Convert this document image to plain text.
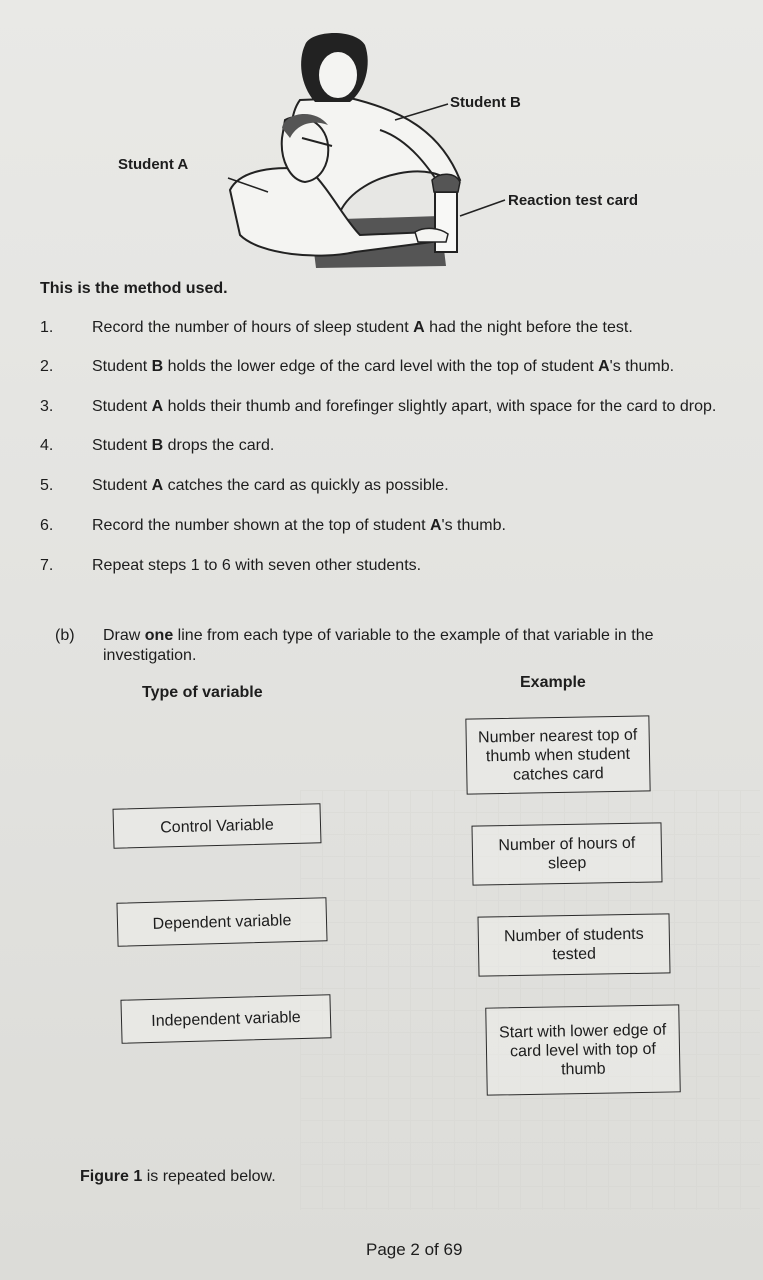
Student A
Student B
Reaction test card
This is the method used.
1.	Record the number of hours of sleep student A had the night before the test.
2.	Student B holds the lower edge of the card level with the top of student A's thumb.
3.	Student A holds their thumb and forefinger slightly apart, with space for the card to drop.
4.	Student B drops the card.
5.	Student A catches the card as quickly as possible.
6.	Record the number shown at the top of student A's thumb.
7.	Repeat steps 1 to 6 with seven other students.
(b)	Draw one line from each type of variable to the example of that variable in the investigation.
Type of variable
Example
Control Variable
Dependent variable
Independent variable
Number nearest top of thumb when student catches card
Number of hours of sleep
Number of students tested
Start with lower edge of card level with top of thumb
Figure 1 is repeated below.
Page 2 of 69
